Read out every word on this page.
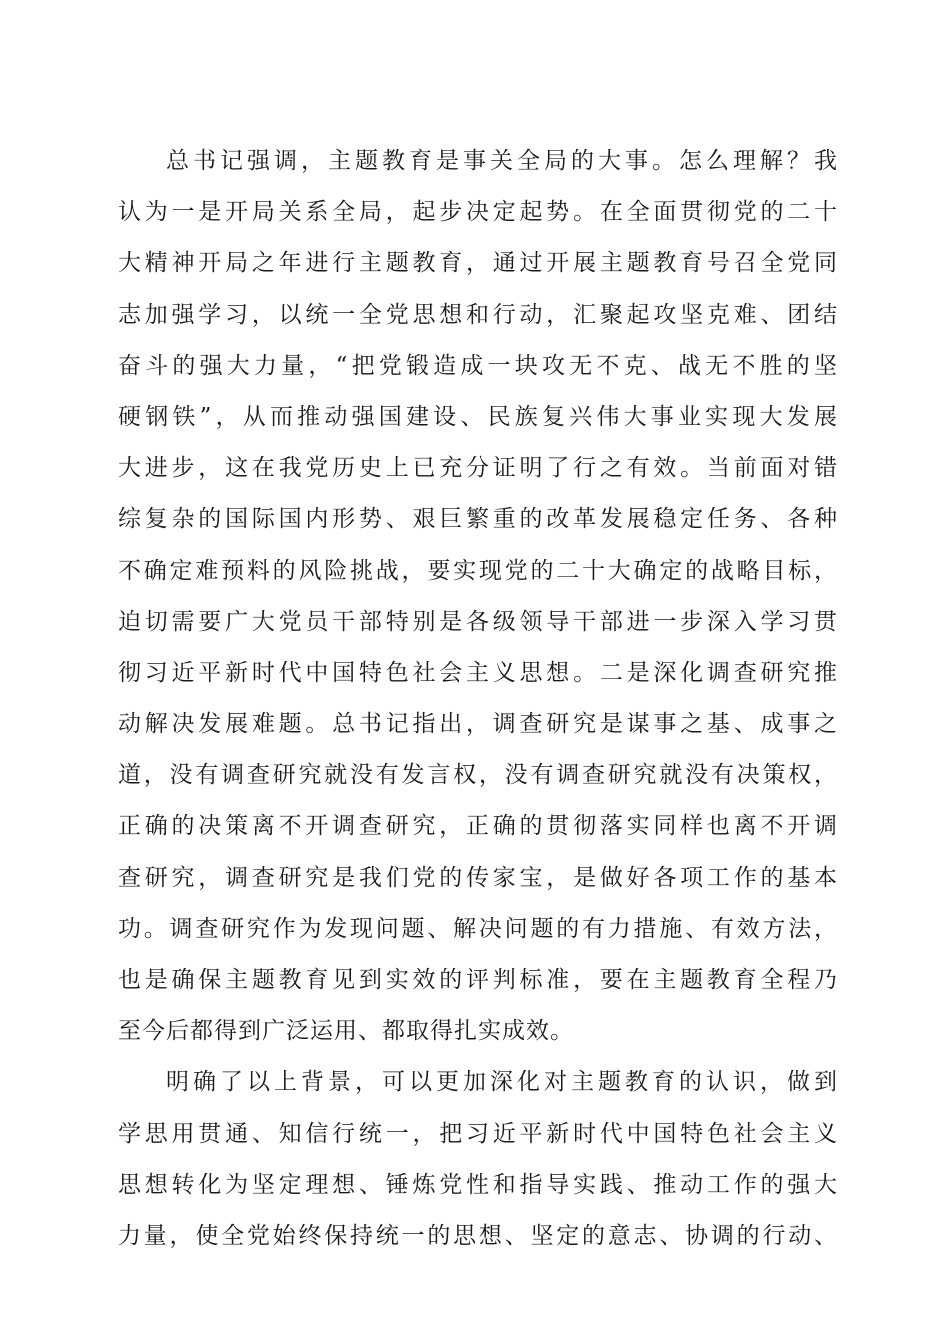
总书记强调，主题教育是事关全局的大事。怎么理解？我
认为一是开局关系全局，起步决定起势。在全面贯彻党的二十
大精神开局之年进行主题教育，通过开展主题教育号召全党同
志加强学习，以统一全党思想和行动，汇聚起攻坚克难、团结
奋斗的强大力量，“把党锻造成一块攻无不克、战无不胜的坚
硬钢铁”，从而推动强国建设、民族复兴伟大事业实现大发展
大进步，这在我党历史上已充分证明了行之有效。当前面对错
综复杂的国际国内形势、艰巨繁重的改革发展稳定任务、各种
不确定难预料的风险挑战，要实现党的二十大确定的战略目标，
迫切需要广大党员干部特别是各级领导干部进一步深入学习贯
彻习近平新时代中国特色社会主义思想。二是深化调查研究推
动解决发展难题。总书记指出，调查研究是谋事之基、成事之
道，没有调查研究就没有发言权，没有调查研究就没有决策权，
正确的决策离不开调查研究，正确的贯彻落实同样也离不开调
查研究，调查研究是我们党的传家宝，是做好各项工作的基本
功。调查研究作为发现问题、解决问题的有力措施、有效方法，
也是确保主题教育见到实效的评判标准，要在主题教育全程乃
至今后都得到广泛运用、都取得扎实成效。
明确了以上背景，可以更加深化对主题教育的认识，做到
学思用贯通、知信行统一，把习近平新时代中国特色社会主义
思想转化为坚定理想、锤炼党性和指导实践、推动工作的强大
力量，使全党始终保持统一的思想、坚定的意志、协调的行动、
